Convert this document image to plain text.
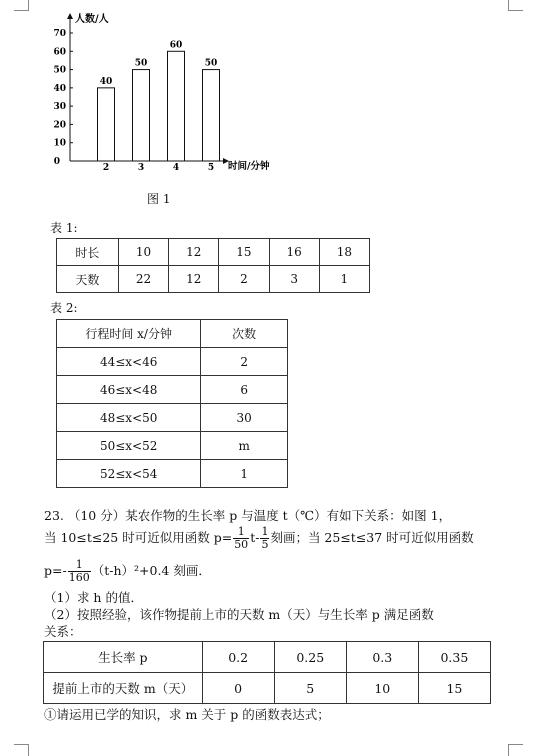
10
20
30
40
50
60
70
40
50
60
50
2	3	4	5
人数/人
时间/分钟
0
图 1
表 1:
时长	10	12	15	16	18
天数	22	12	2	3	1
表 2:
行程时间 x/分钟	次数
44≤x<46	2
46≤x<48	6
48≤x<50	30
50≤x<52	m
52≤x<54	1
23. （10 分）某农作物的生长率 p 与温度 t（℃）有如下关系：如图 1，
当 10≤t≤25 时可近似用函数 $p= \frac{1}{50} t- \frac{1}{5}$ 刻画；当 25≤t≤37 时可近似用函数
$p=- \frac{1}{160} (t-h)^2+0.4$ 刻画．
（1）求 h 的值．
（2）按照经验，该作物提前上市的天数 m（天）与生长率 p 满足函数
关系：
生长率 p	0.2	0.25	0.3	0.35
提前上市的天数 m（天）	0	5	10	15
①请运用已学的知识，求 m 关于 p 的函数表达式；
